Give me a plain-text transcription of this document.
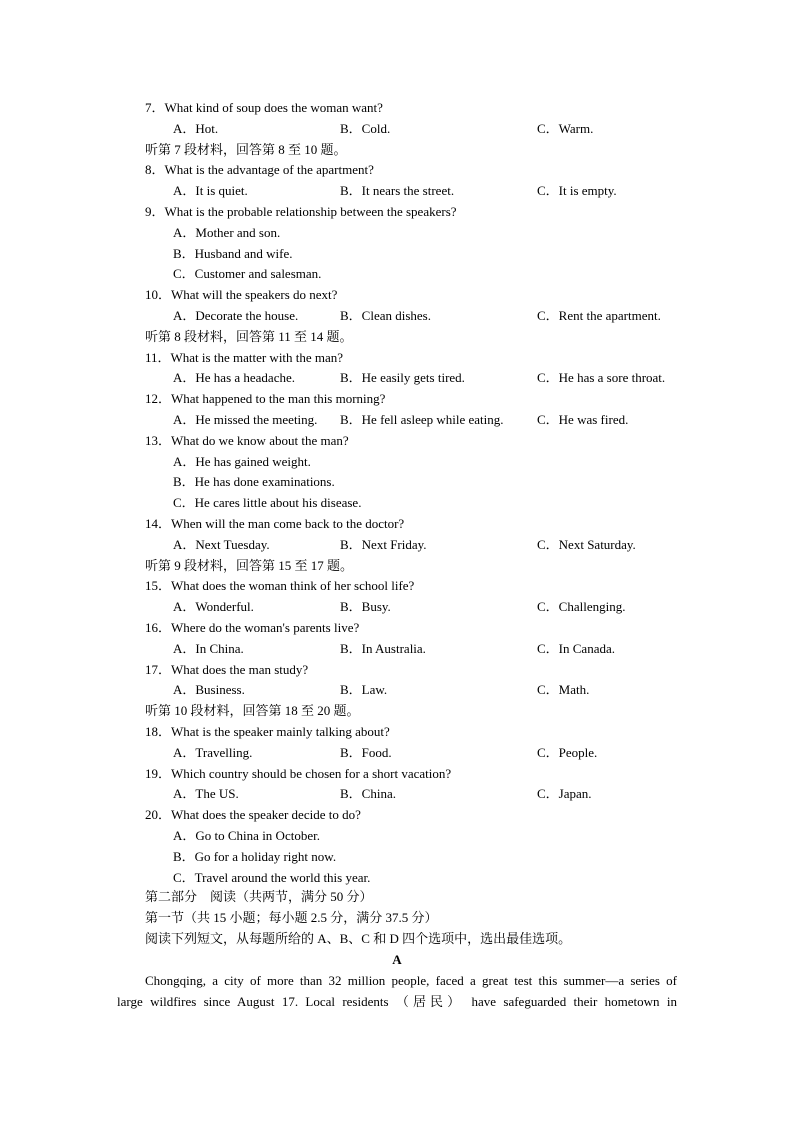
7．What kind of soup does the woman want?
A．Hot.	B．Cold.	C．Warm.
听第 7 段材料，回答第 8 至 10 题。
8．What is the advantage of the apartment?
A．It is quiet.	B．It nears the street.	C．It is empty.
9．What is the probable relationship between the speakers?
A．Mother and son.
B．Husband and wife.
C．Customer and salesman.
10．What will the speakers do next?
A．Decorate the house.	B．Clean dishes.	C．Rent the apartment.
听第 8 段材料，回答第 11 至 14 题。
11．What is the matter with the man?
A．He has a headache.	B．He easily gets tired.	C．He has a sore throat.
12．What happened to the man this morning?
A．He missed the meeting. B．He fell asleep while eating.	C．He was fired.
13．What do we know about the man?
A．He has gained weight.
B．He has done examinations.
C．He cares little about his disease.
14．When will the man come back to the doctor?
A．Next Tuesday.	B．Next Friday.	C．Next Saturday.
听第 9 段材料，回答第 15 至 17 题。
15．What does the woman think of her school life?
A．Wonderful.	B．Busy.	C．Challenging.
16．Where do the woman's parents live?
A．In China.	B．In Australia.	C．In Canada.
17．What does the man study?
A．Business.	B．Law.	C．Math.
听第 10 段材料，回答第 18 至 20 题。
18．What is the speaker mainly talking about?
A．Travelling.	B．Food.	C．People.
19．Which country should be chosen for a short vacation?
A．The US.	B．China.	C．Japan.
20．What does the speaker decide to do?
A．Go to China in October.
B．Go for a holiday right now.
C．Travel around the world this year.
第二部分　阅读（共两节，满分 50 分）
第一节（共 15 小题；每小题 2.5 分，满分 37.5 分）
阅读下列短文，从每题所给的 A、B、C 和 D 四个选项中，选出最佳选项。
A
Chongqing, a city of more than 32 million people, faced a great test this summer—a series of
large wildfires since August 17. Local residents （居民） have safeguarded their hometown in
